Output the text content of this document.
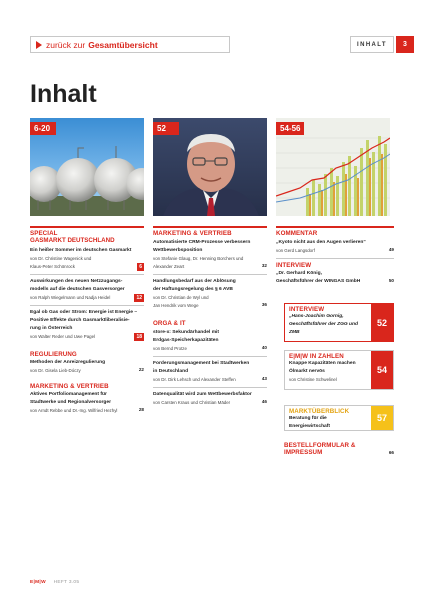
zurück zur Gesamtübersicht	INHALT	3
Inhalt
6-20	52	54-56
SPECIAL
GASMARKT DEUTSCHLAND
Ein heißer Sommer im deutschen Gasmarkt
von Dr. Christine Wagenick und
Klaus-Peter Schönrock	6
Auswirkungen des neuen Netzzugangs-
modells auf die deutschen Gasversorger
von Ralph Wiegelmann und Nadja Heidel	12
Egal ob Gas oder Strom: Energie ist Energie –
Positive Effekte durch Gasmarktliberalisie-
rung in Österreich
von Walter Reder und Uwe Pagel	18
REGULIERUNG
Methoden der Anreizregulierung
von Dr. Gisela Lieb-Dóczy	22
MARKETING & VERTRIEB
Aktives Portfoliomanagement für
Stadtwerke und Regionalversorger
von Arndt Rebbe und Dr.-Ing. Wilfried Hezhyl	28
MARKETING & VERTRIEB
Automatisierte CRM-Prozesse verbessern
Wettbewerbsposition
von Stefanie Glaug, Dr. Henning Borchers und
Alexander Zeart	32
Handlungsbedarf aus der Ablösung
der Haftungsregelung des § 6 AVB
von Dr. Christian de Wyl und
Jan Hendrik vom Wege	36
ORGA & IT
store-x: Sekundärhandel mit
Erdgas-Speicherkapazitäten
von Bernd Protze	40
Forderungsmanagement bei Stadtwerken
in Deutschland
von Dr. Dirk Lehsch und Alexander Steffen	43
Datenqualität wird zum Wettbewerbsfaktor
von Carsten Kraus und Christian Mäder	46
KOMMENTAR
„Kyoto nicht aus den Augen verlieren“
von Gerd Langsdorf	49
INTERVIEW
„Dr. Gerhard König,
Geschäftsführer der WINGAS GmbH	50
INTERVIEW
„Hans-Joachim Gornig,
Geschäftsführer der ZGG und ZMB
52
E|M|W IN ZAHLEN
Knappe Kapazitäten machen
Ölmarkt nervös
von Christine Schwelinel
54
MARKTÜBERBLICK
Beratung für die Energiewirtschaft
57
BESTELLFORMULAR &
IMPRESSUM	66
E|M|W HEFT 3.05
